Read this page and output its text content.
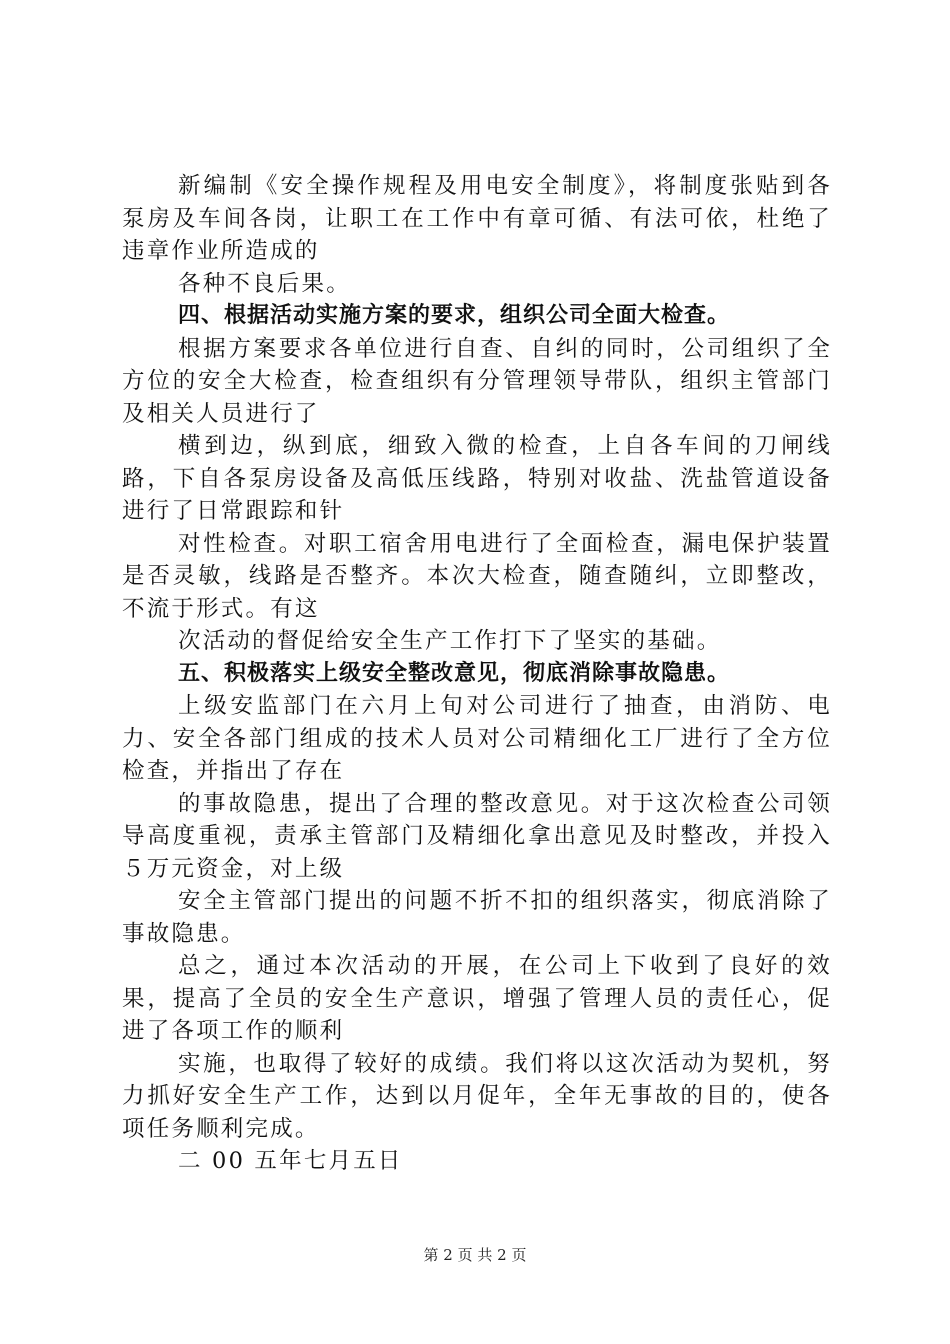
新编制《安全操作规程及用电安全制度》，将制度张贴到各泵房及车间各岗，让职工在工作中有章可循、有法可依，杜绝了违章作业所造成的

各种不良后果。

四、根据活动实施方案的要求，组织公司全面大检查。

根据方案要求各单位进行自查、自纠的同时，公司组织了全方位的安全大检查，检查组织有分管理领导带队，组织主管部门及相关人员进行了

横到边，纵到底，细致入微的检查，上自各车间的刀闸线路，下自各泵房设备及高低压线路，特别对收盐、洗盐管道设备进行了日常跟踪和针

对性检查。对职工宿舍用电进行了全面检查，漏电保护装置是否灵敏，线路是否整齐。本次大检查，随查随纠，立即整改，不流于形式。有这

次活动的督促给安全生产工作打下了坚实的基础。

五、积极落实上级安全整改意见，彻底消除事故隐患。

上级安监部门在六月上旬对公司进行了抽查，由消防、电力、安全各部门组成的技术人员对公司精细化工厂进行了全方位检查，并指出了存在

的事故隐患，提出了合理的整改意见。对于这次检查公司领导高度重视，责承主管部门及精细化拿出意见及时整改，并投入５万元资金，对上级

安全主管部门提出的问题不折不扣的组织落实，彻底消除了事故隐患。

总之，通过本次活动的开展，在公司上下收到了良好的效果，提高了全员的安全生产意识，增强了管理人员的责任心，促进了各项工作的顺利

实施，也取得了较好的成绩。我们将以这次活动为契机，努力抓好安全生产工作，达到以月促年，全年无事故的目的，使各项任务顺利完成。

二 00 五年七月五日

第 2 页 共 2 页
